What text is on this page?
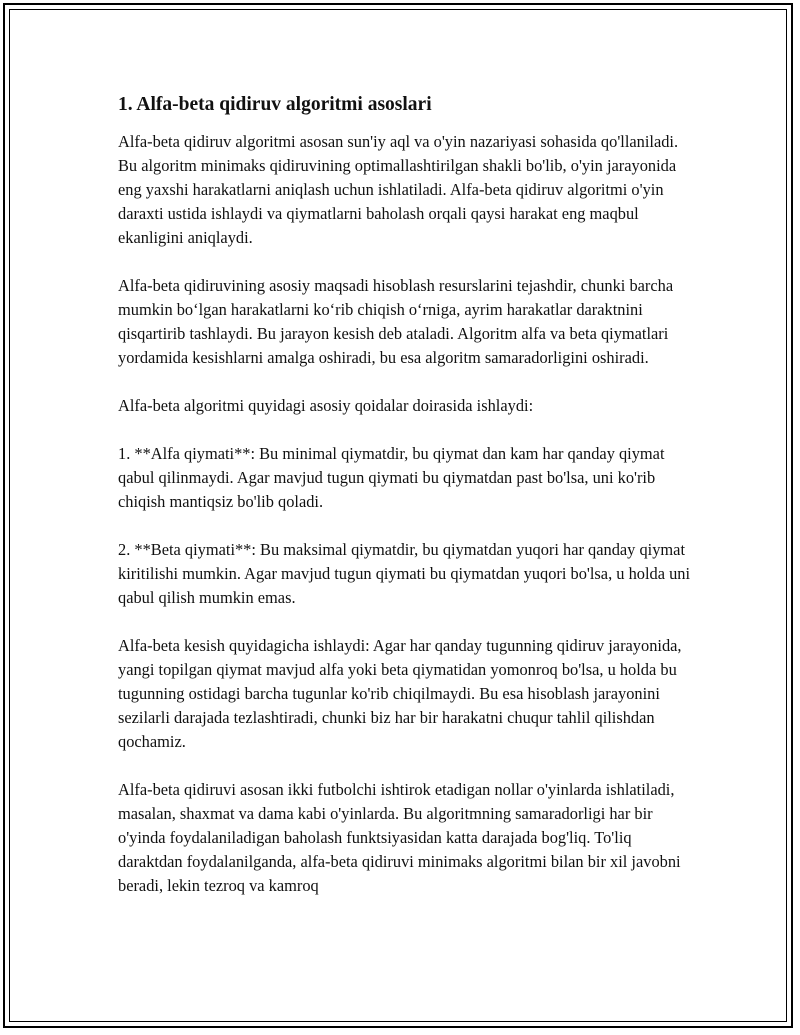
1. Alfa-beta qidiruv algoritmi asoslari

Alfa-beta qidiruv algoritmi asosan sun'iy aql va o'yin nazariyasi sohasida qo'llaniladi. Bu algoritm minimaks qidiruvining optimallashtirilgan shakli bo'lib, o'yin jarayonida eng yaxshi harakatlarni aniqlash uchun ishlatiladi. Alfa-beta qidiruv algoritmi o'yin daraxti ustida ishlaydi va qiymatlarni baholash orqali qaysi harakat eng maqbul ekanligini aniqlaydi.

Alfa-beta qidiruvining asosiy maqsadi hisoblash resurslarini tejashdir, chunki barcha mumkin bo‘lgan harakatlarni ko‘rib chiqish o‘rniga, ayrim harakatlar daraktnini qisqartirib tashlaydi. Bu jarayon kesish deb ataladi. Algoritm alfa va beta qiymatlari yordamida kesishlarni amalga oshiradi, bu esa algoritm samaradorligini oshiradi.

Alfa-beta algoritmi quyidagi asosiy qoidalar doirasida ishlaydi:

1. **Alfa qiymati**: Bu minimal qiymatdir, bu qiymat dan kam har qanday qiymat qabul qilinmaydi. Agar mavjud tugun qiymati bu qiymatdan past bo'lsa, uni ko'rib chiqish mantiqsiz bo'lib qoladi.

2. **Beta qiymati**: Bu maksimal qiymatdir, bu qiymatdan yuqori har qanday qiymat kiritilishi mumkin. Agar mavjud tugun qiymati bu qiymatdan yuqori bo'lsa, u holda uni qabul qilish mumkin emas.

Alfa-beta kesish quyidagicha ishlaydi: Agar har qanday tugunning qidiruv jarayonida, yangi topilgan qiymat mavjud alfa yoki beta qiymatidan yomonroq bo'lsa, u holda bu tugunning ostidagi barcha tugunlar ko'rib chiqilmaydi. Bu esa hisoblash jarayonini sezilarli darajada tezlashtiradi, chunki biz har bir harakatni chuqur tahlil qilishdan qochamiz.

Alfa-beta qidiruvi asosan ikki futbolchi ishtirok etadigan nollar o'yinlarda ishlatiladi, masalan, shaxmat va dama kabi o'yinlarda. Bu algoritmning samaradorligi har bir o'yinda foydalaniladigan baholash funktsiyasidan katta darajada bog'liq. To'liq daraktdan foydalanilganda, alfa-beta qidiruvi minimaks algoritmi bilan bir xil javobni beradi, lekin tezroq va kamroq
